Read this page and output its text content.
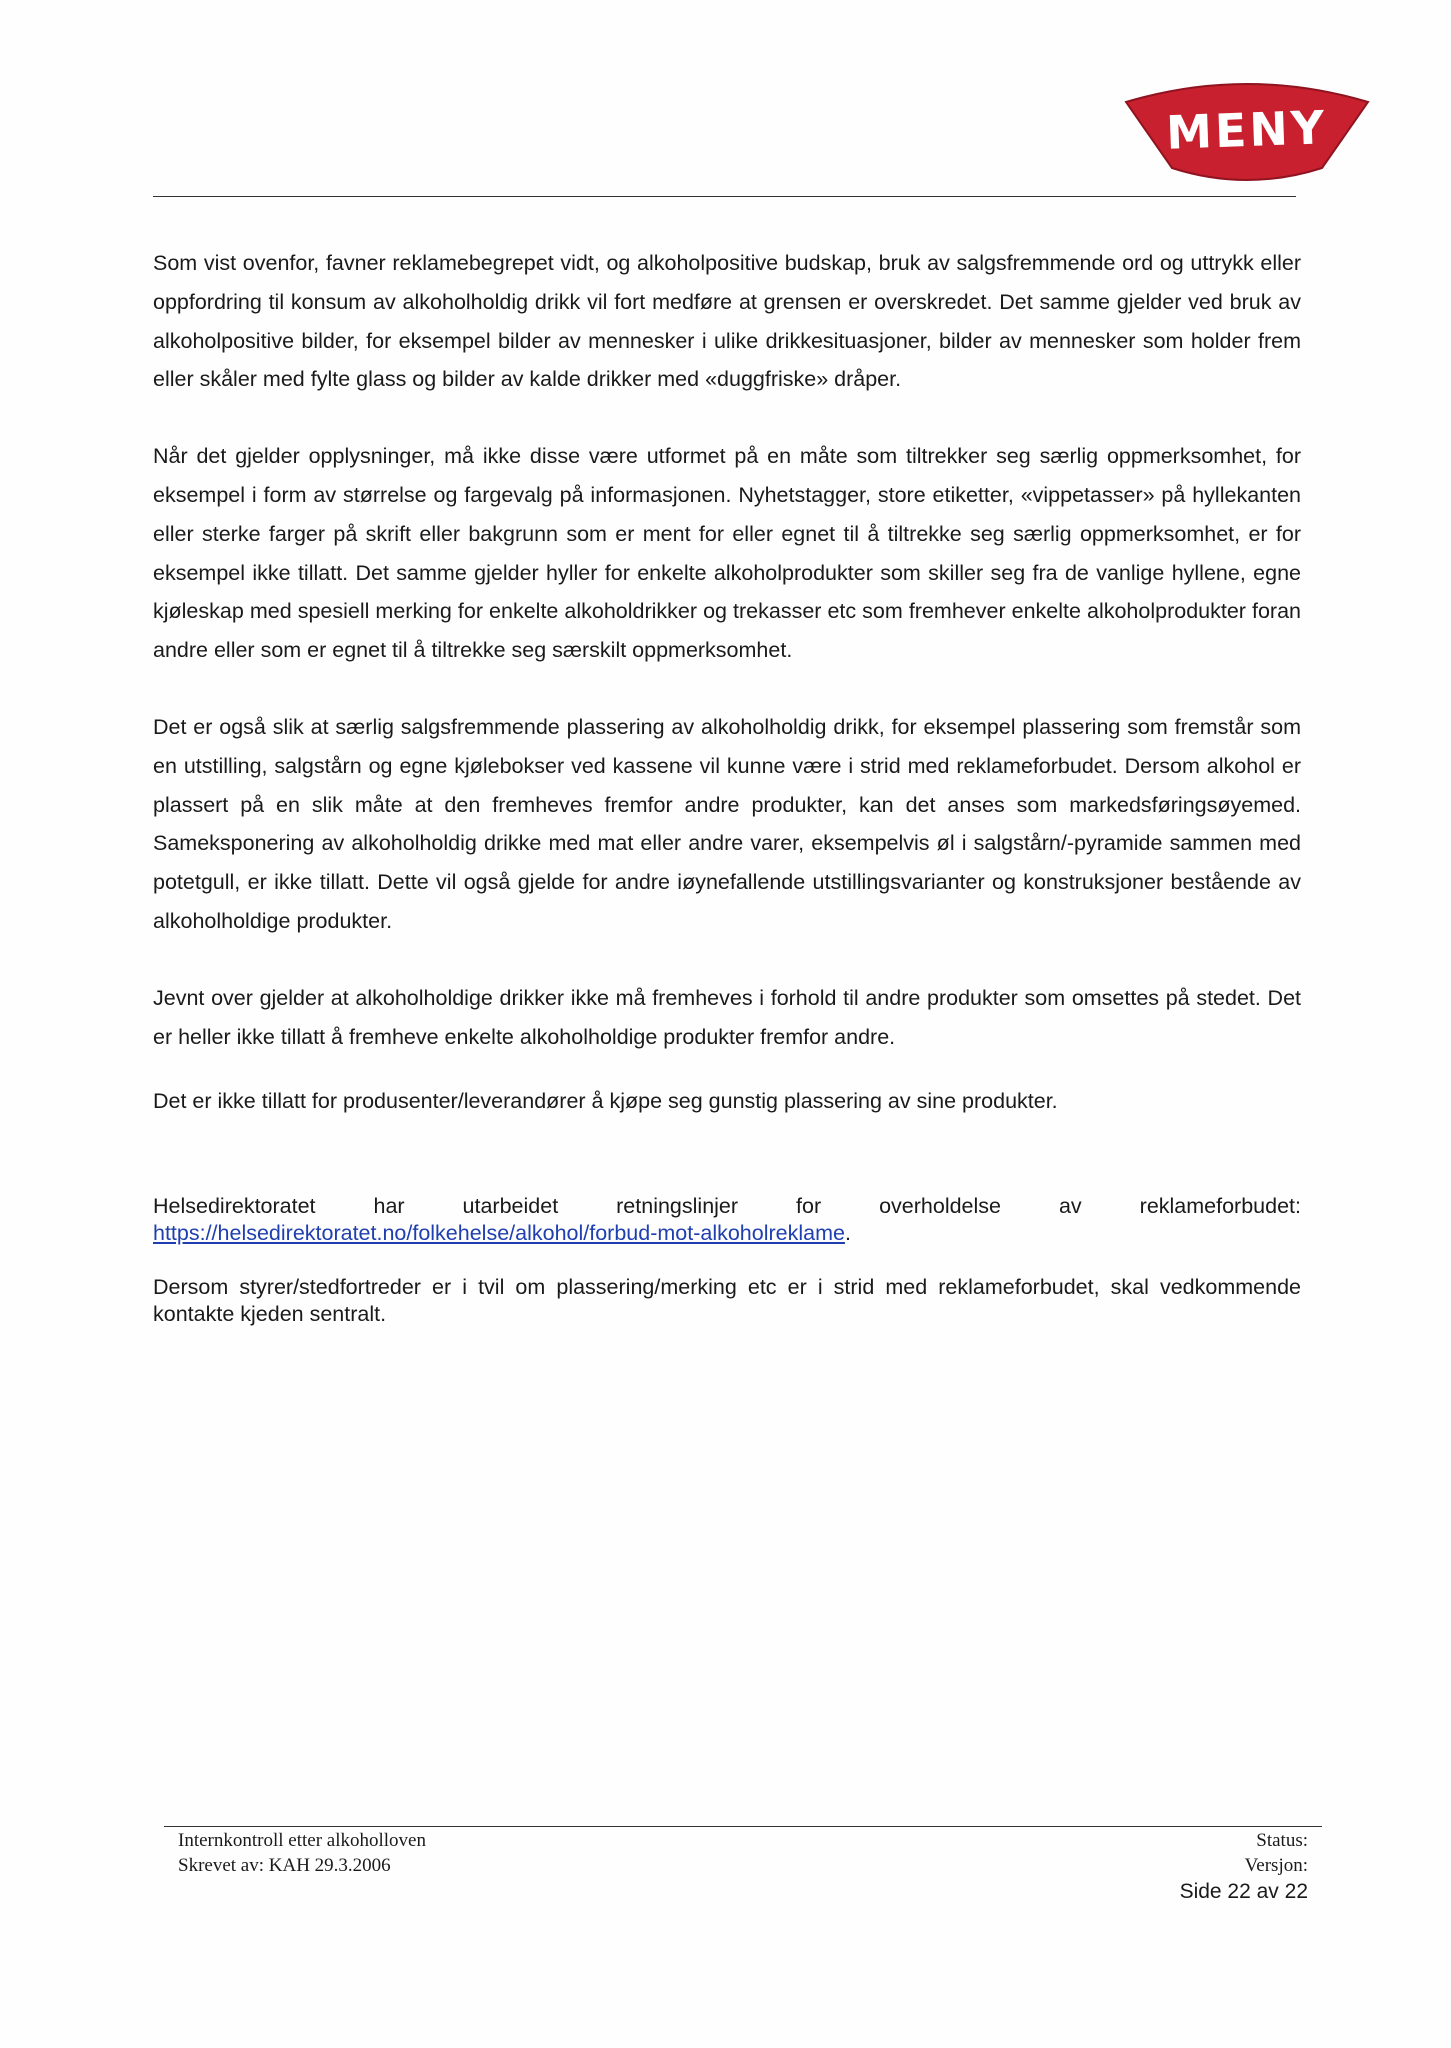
MENY

Som vist ovenfor, favner reklamebegrepet vidt, og alkoholpositive budskap, bruk av salgsfremmende ord og uttrykk eller oppfordring til konsum av alkoholholdig drikk vil fort medføre at grensen er overskredet. Det samme gjelder ved bruk av alkoholpositive bilder, for eksempel bilder av mennesker i ulike drikkesituasjoner, bilder av mennesker som holder frem eller skåler med fylte glass og bilder av kalde drikker med «duggfriske» dråper.

Når det gjelder opplysninger, må ikke disse være utformet på en måte som tiltrekker seg særlig oppmerksomhet, for eksempel i form av størrelse og fargevalg på informasjonen. Nyhetstagger, store etiketter, «vippetasser» på hyllekanten eller sterke farger på skrift eller bakgrunn som er ment for eller egnet til å tiltrekke seg særlig oppmerksomhet, er for eksempel ikke tillatt. Det samme gjelder hyller for enkelte alkoholprodukter som skiller seg fra de vanlige hyllene, egne kjøleskap med spesiell merking for enkelte alkoholdrikker og trekasser etc som fremhever enkelte alkoholprodukter foran andre eller som er egnet til å tiltrekke seg særskilt oppmerksomhet.

Det er også slik at særlig salgsfremmende plassering av alkoholholdig drikk, for eksempel plassering som fremstår som en utstilling, salgstårn og egne kjølebokser ved kassene vil kunne være i strid med reklameforbudet. Dersom alkohol er plassert på en slik måte at den fremheves fremfor andre produkter, kan det anses som markedsføringsøyemed. Sameksponering av alkoholholdig drikke med mat eller andre varer, eksempelvis øl i salgstårn/-pyramide sammen med potetgull, er ikke tillatt. Dette vil også gjelde for andre iøynefallende utstillingsvarianter og konstruksjoner bestående av alkoholholdige produkter.

Jevnt over gjelder at alkoholholdige drikker ikke må fremheves i forhold til andre produkter som omsettes på stedet. Det er heller ikke tillatt å fremheve enkelte alkoholholdige produkter fremfor andre.

Det er ikke tillatt for produsenter/leverandører å kjøpe seg gunstig plassering av sine produkter.

Helsedirektoratet har utarbeidet retningslinjer for overholdelse av reklameforbudet:
https://helsedirektoratet.no/folkehelse/alkohol/forbud-mot-alkoholreklame.

Dersom styrer/stedfortreder er i tvil om plassering/merking etc er i strid med reklameforbudet, skal vedkommende kontakte kjeden sentralt.

Internkontroll etter alkoholloven
Skrevet av: KAH 29.3.2006
Status:
Versjon:
Side 22 av 22
